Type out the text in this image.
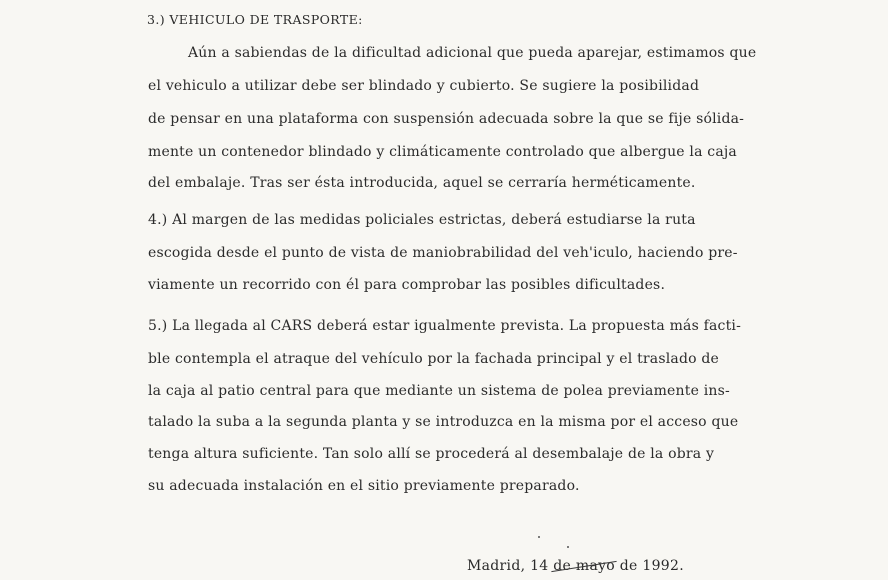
3.) VEHICULO DE TRASPORTE:
Aún a sabiendas de la dificultad adicional que pueda aparejar, estimamos que
el vehiculo a utilizar debe ser blindado y cubierto. Se sugiere la posibilidad
de pensar en una plataforma con suspensión adecuada sobre la que se fije sólida-
mente un contenedor blindado y climáticamente controlado que albergue la caja
del embalaje. Tras ser ésta introducida, aquel se cerraría herméticamente.
4.) Al margen de las medidas policiales estrictas, deberá estudiarse la ruta
escogida desde el punto de vista de maniobrabilidad del veh'iculo, haciendo pre-
viamente un recorrido con él para comprobar las posibles dificultades.
5.) La llegada al CARS deberá estar igualmente prevista. La propuesta más facti-
ble contempla el atraque del vehículo por la fachada principal y el traslado de
la caja al patio central para que mediante un sistema de polea previamente ins-
talado la suba a la segunda planta y se introduzca en la misma por el acceso que
tenga altura suficiente. Tan solo allí se procederá al desembalaje de la obra y
su adecuada instalación en el sitio previamente preparado.
Madrid, 14 de mayo de 1992.
